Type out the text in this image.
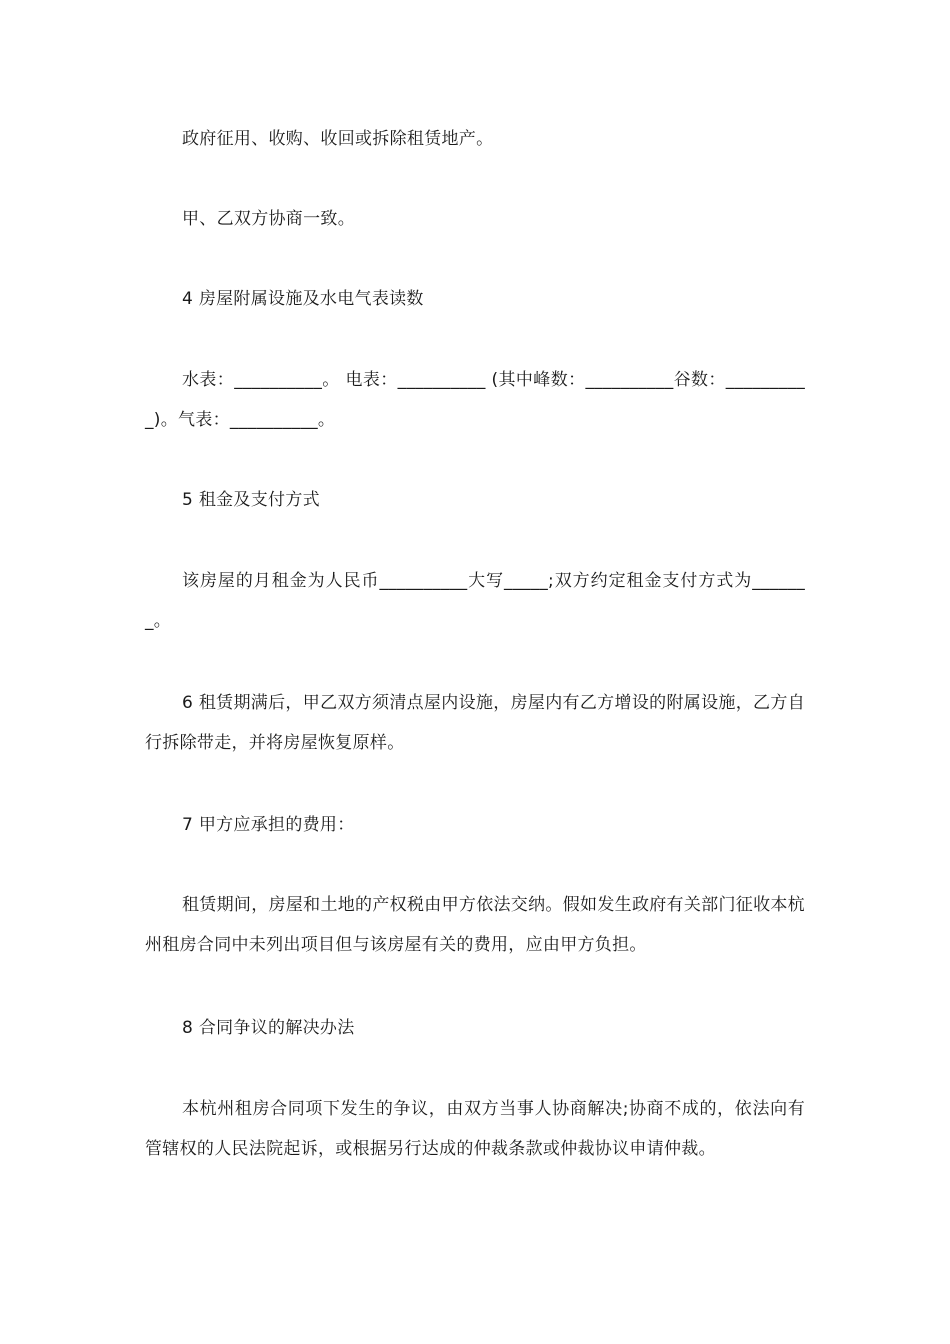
政府征用、收购、收回或拆除租赁地产。

甲、乙双方协商一致。

4 房屋附属设施及水电气表读数

水表：__________。 电表：__________ (其中峰数：__________谷数：__________)。气表：__________。

5 租金及支付方式

该房屋的月租金为人民币__________大写_____;双方约定租金支付方式为_______。

6 租赁期满后，甲乙双方须清点屋内设施，房屋内有乙方增设的附属设施，乙方自行拆除带走，并将房屋恢复原样。

7 甲方应承担的费用：

租赁期间，房屋和土地的产权税由甲方依法交纳。假如发生政府有关部门征收本杭州租房合同中未列出项目但与该房屋有关的费用，应由甲方负担。

8 合同争议的解决办法

本杭州租房合同项下发生的争议，由双方当事人协商解决;协商不成的，依法向有管辖权的人民法院起诉，或根据另行达成的仲裁条款或仲裁协议申请仲裁。
